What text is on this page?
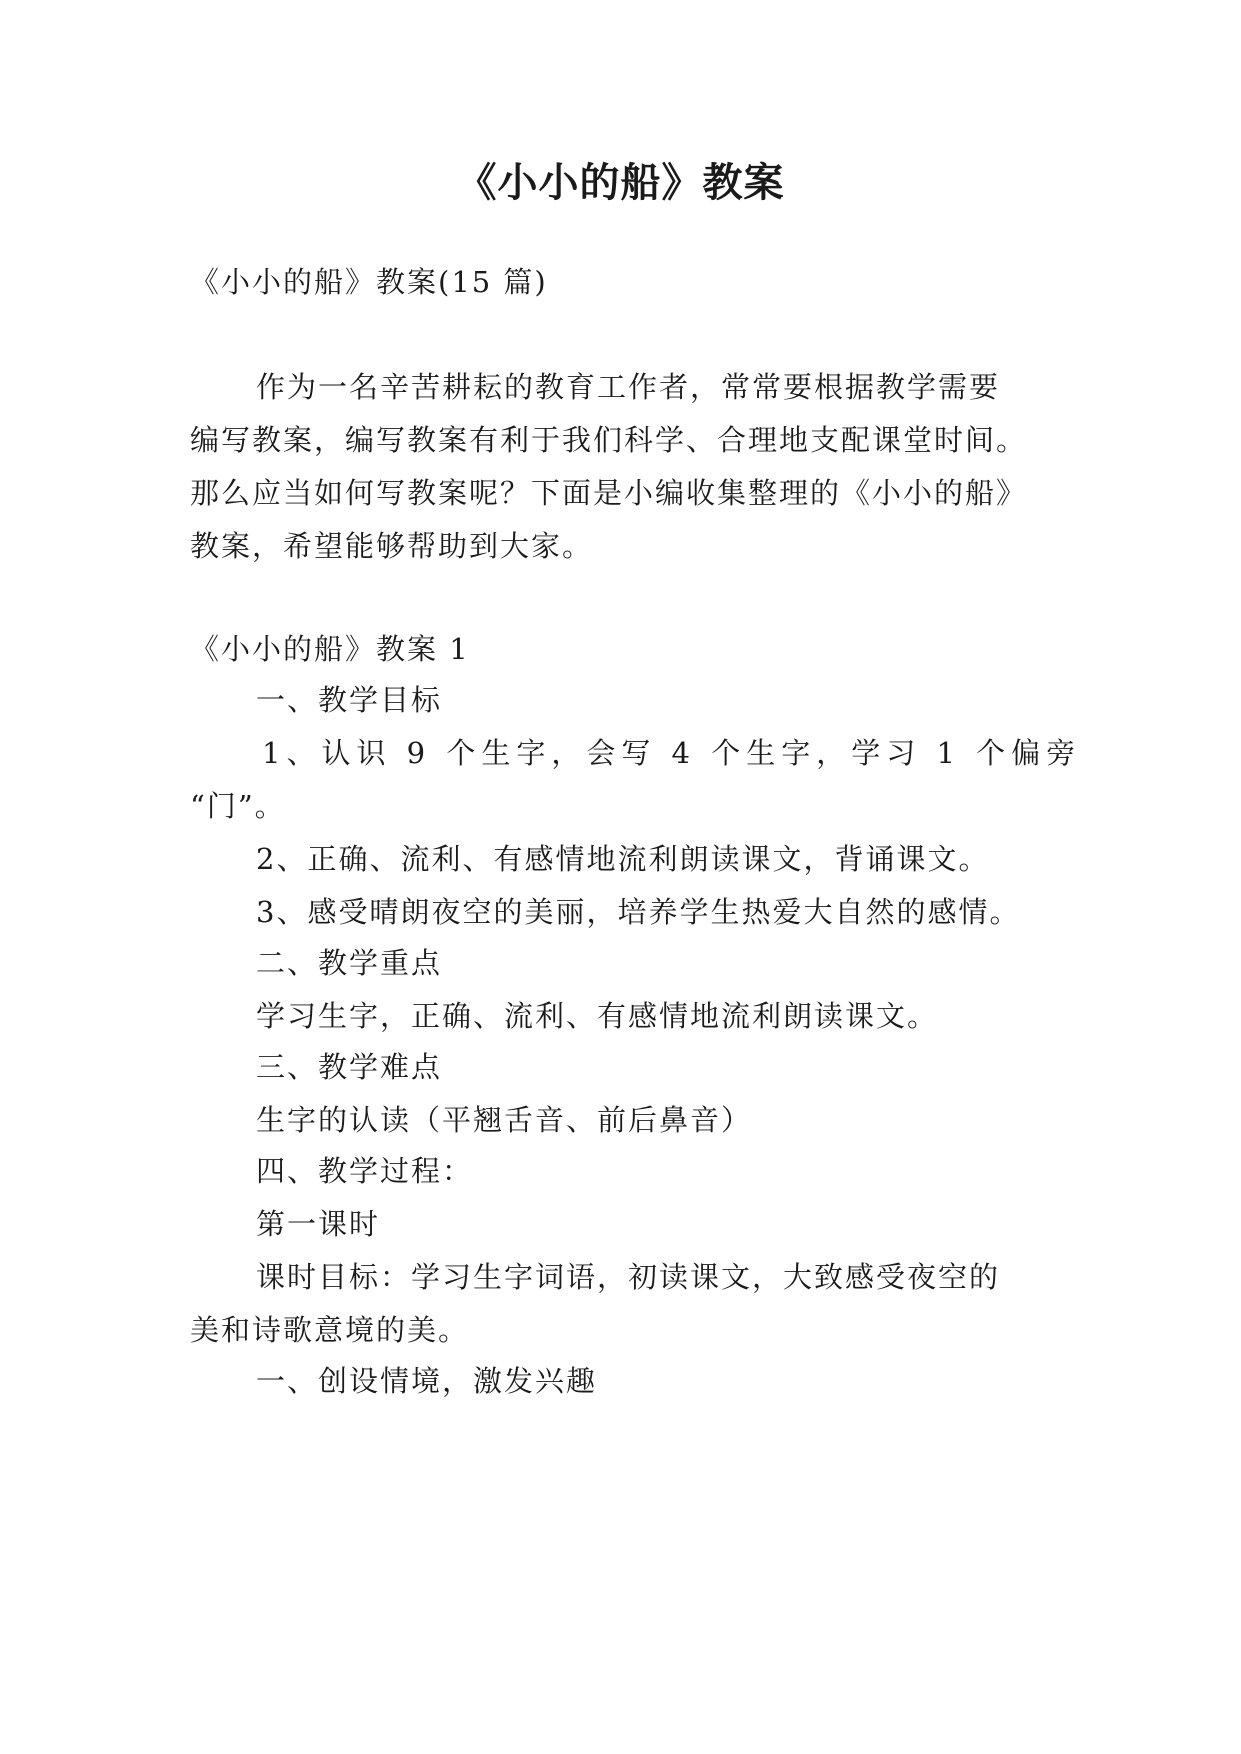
《小小的船》教案
《小小的船》教案(15 篇)
作为一名辛苦耕耘的教育工作者，常常要根据教学需要
编写教案，编写教案有利于我们科学、合理地支配课堂时间。
那么应当如何写教案呢？下面是小编收集整理的《小小的船》
教案，希望能够帮助到大家。
《小小的船》教案 1
一、教学目标
1、认识 9 个生字，会写 4 个生字，学习 1 个偏旁
“门”。
2、正确、流利、有感情地流利朗读课文，背诵课文。
3、感受晴朗夜空的美丽，培养学生热爱大自然的感情。
二、教学重点
学习生字，正确、流利、有感情地流利朗读课文。
三、教学难点
生字的认读（平翘舌音、前后鼻音）
四、教学过程：
第一课时
课时目标：学习生字词语，初读课文，大致感受夜空的
美和诗歌意境的美。
一、创设情境，激发兴趣
